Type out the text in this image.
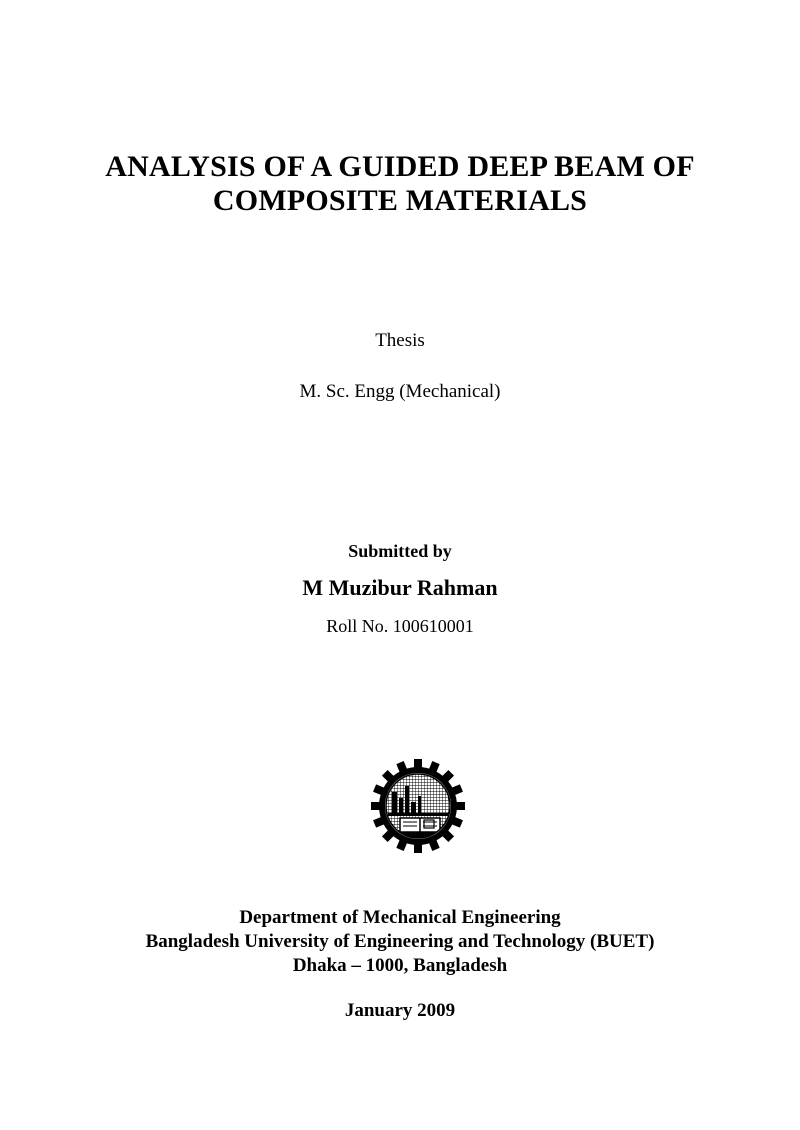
ANALYSIS OF A GUIDED DEEP BEAM OF
COMPOSITE MATERIALS

Thesis

M. Sc. Engg (Mechanical)

Submitted by

M Muzibur Rahman

Roll No. 100610001

Department of Mechanical Engineering
Bangladesh University of Engineering and Technology (BUET)
Dhaka – 1000, Bangladesh

January 2009
